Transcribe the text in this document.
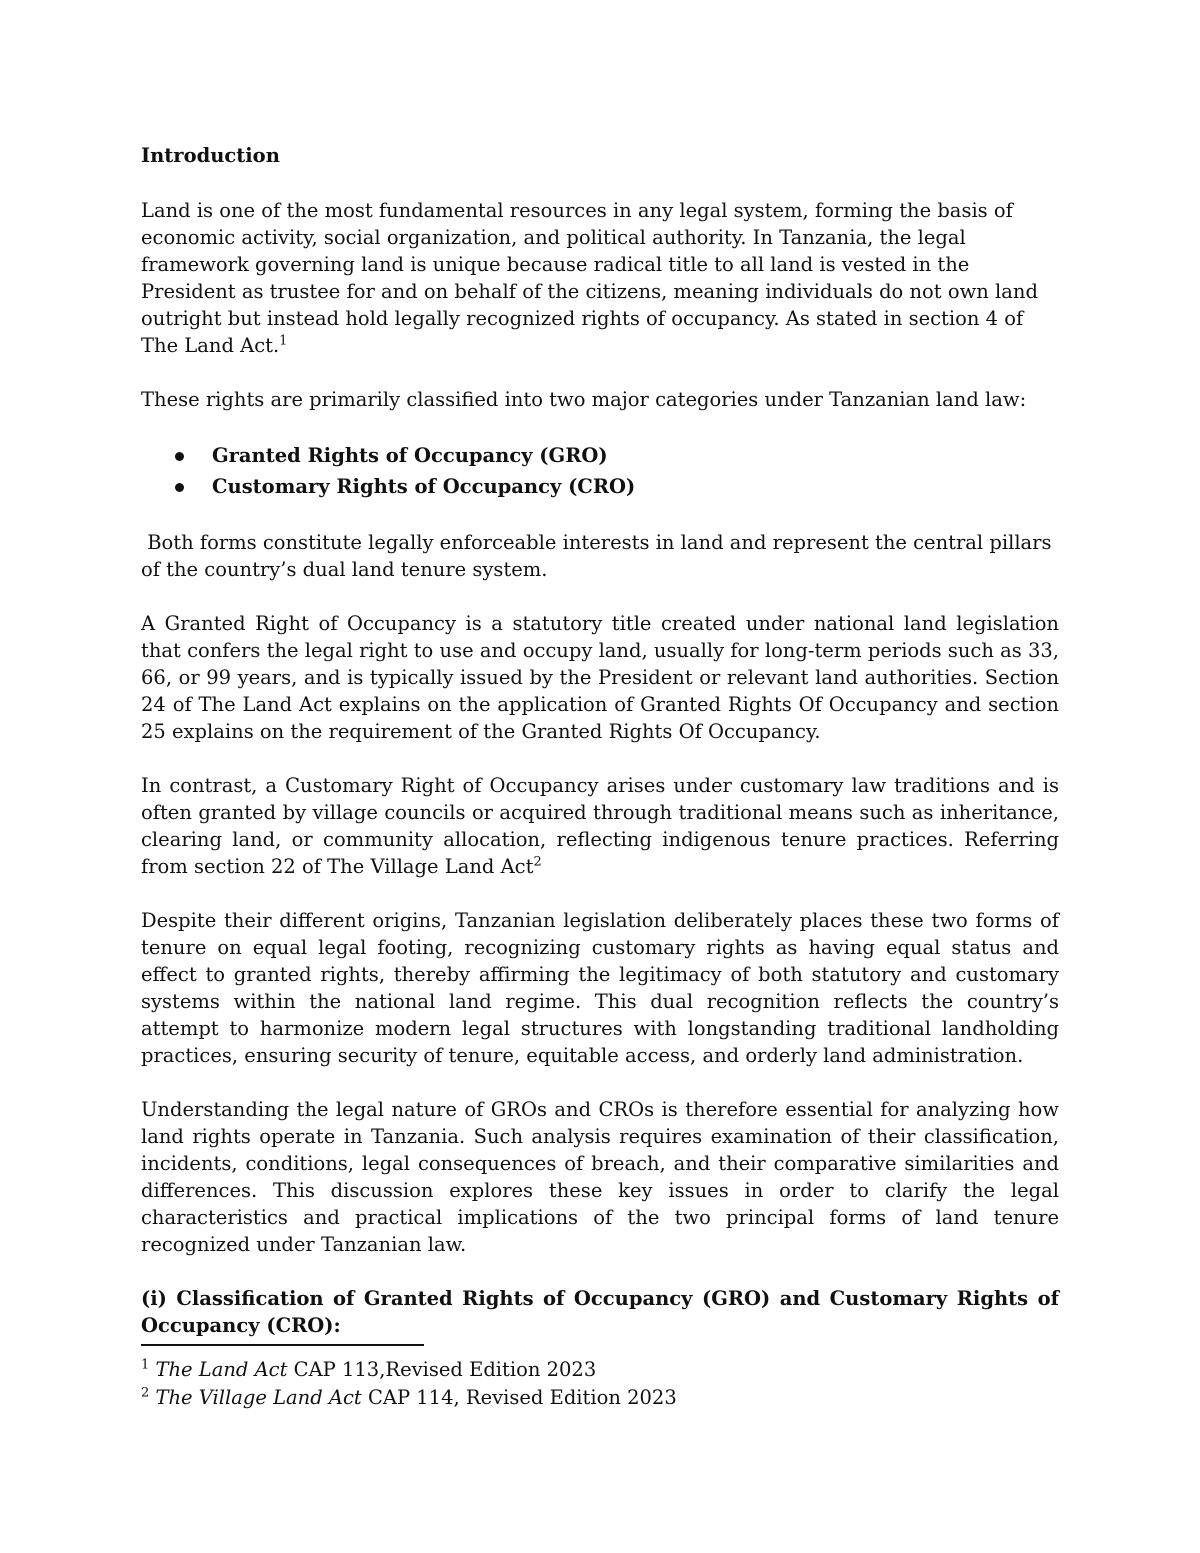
Introduction

Land is one of the most fundamental resources in any legal system, forming the basis of economic activity, social organization, and political authority. In Tanzania, the legal framework governing land is unique because radical title to all land is vested in the President as trustee for and on behalf of the citizens, meaning individuals do not own land outright but instead hold legally recognized rights of occupancy. As stated in section 4 of The Land Act.$^1$

These rights are primarily classified into two major categories under Tanzanian land law:

Granted Rights of Occupancy (GRO)
Customary Rights of Occupancy (CRO)

Both forms constitute legally enforceable interests in land and represent the central pillars of the country’s dual land tenure system.

A Granted Right of Occupancy is a statutory title created under national land legislation that confers the legal right to use and occupy land, usually for long-term periods such as 33, 66, or 99 years, and is typically issued by the President or relevant land authorities. Section 24 of The Land Act explains on the application of Granted Rights Of Occupancy and section 25 explains on the requirement of the Granted Rights Of Occupancy.

In contrast, a Customary Right of Occupancy arises under customary law traditions and is often granted by village councils or acquired through traditional means such as inheritance, clearing land, or community allocation, reflecting indigenous tenure practices. Referring from section 22 of The Village Land Act$^2$

Despite their different origins, Tanzanian legislation deliberately places these two forms of tenure on equal legal footing, recognizing customary rights as having equal status and effect to granted rights, thereby affirming the legitimacy of both statutory and customary systems within the national land regime. This dual recognition reflects the country’s attempt to harmonize modern legal structures with longstanding traditional landholding practices, ensuring security of tenure, equitable access, and orderly land administration.

Understanding the legal nature of GROs and CROs is therefore essential for analyzing how land rights operate in Tanzania. Such analysis requires examination of their classification, incidents, conditions, legal consequences of breach, and their comparative similarities and differences. This discussion explores these key issues in order to clarify the legal characteristics and practical implications of the two principal forms of land tenure recognized under Tanzanian law.

(i) Classification of Granted Rights of Occupancy (GRO) and Customary Rights of Occupancy (CRO):

$^1$ The Land Act CAP 113,Revised Edition 2023

$^2$ The Village Land Act CAP 114, Revised Edition 2023
